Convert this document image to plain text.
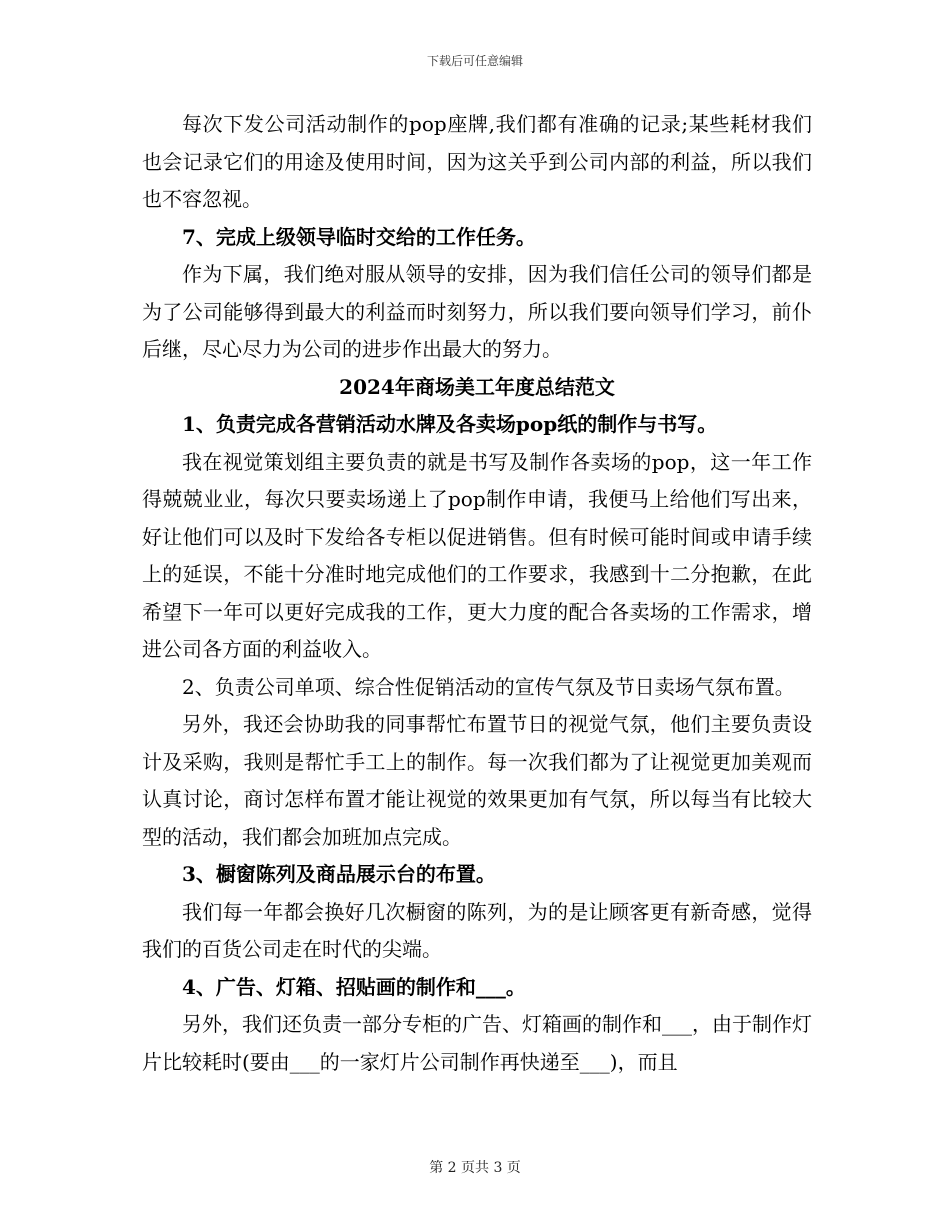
下载后可任意编辑

每次下发公司活动制作的pop座牌,我们都有准确的记录;某些耗材我们也会记录它们的用途及使用时间，因为这关乎到公司内部的利益，所以我们也不容忽视。

7、完成上级领导临时交给的工作任务。

作为下属，我们绝对服从领导的安排，因为我们信任公司的领导们都是为了公司能够得到最大的利益而时刻努力，所以我们要向领导们学习，前仆后继，尽心尽力为公司的进步作出最大的努力。

2024年商场美工年度总结范文

1、负责完成各营销活动水牌及各卖场pop纸的制作与书写。

我在视觉策划组主要负责的就是书写及制作各卖场的pop，这一年工作得兢兢业业，每次只要卖场递上了pop制作申请，我便马上给他们写出来，好让他们可以及时下发给各专柜以促进销售。但有时候可能时间或申请手续上的延误，不能十分准时地完成他们的工作要求，我感到十二分抱歉，在此希望下一年可以更好完成我的工作，更大力度的配合各卖场的工作需求，增进公司各方面的利益收入。

2、负责公司单项、综合性促销活动的宣传气氛及节日卖场气氛布置。

另外，我还会协助我的同事帮忙布置节日的视觉气氛，他们主要负责设计及采购，我则是帮忙手工上的制作。每一次我们都为了让视觉更加美观而认真讨论，商讨怎样布置才能让视觉的效果更加有气氛，所以每当有比较大型的活动，我们都会加班加点完成。

3、橱窗陈列及商品展示台的布置。

我们每一年都会换好几次橱窗的陈列，为的是让顾客更有新奇感，觉得我们的百货公司走在时代的尖端。

4、广告、灯箱、招贴画的制作和___。

另外，我们还负责一部分专柜的广告、灯箱画的制作和___，由于制作灯片比较耗时(要由___的一家灯片公司制作再快递至___)，而且

第 2 页共 3 页
